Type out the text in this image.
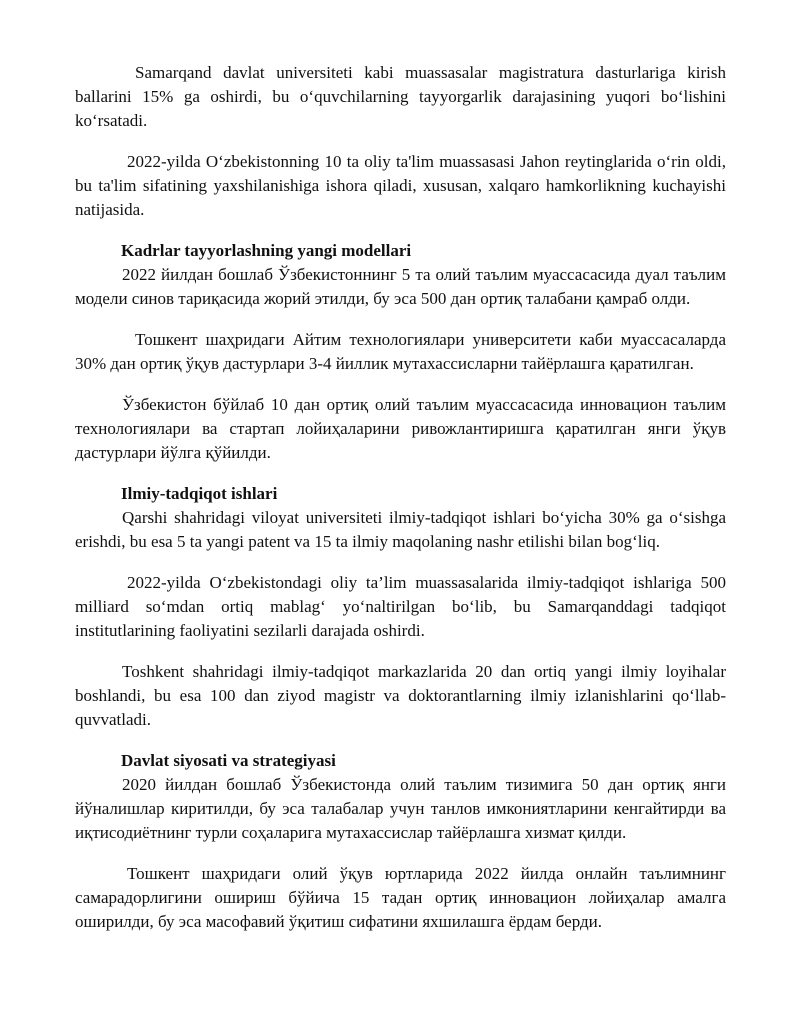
Samarqand davlat universiteti kabi muassasalar magistratura dasturlariga kirish ballarini 15% ga oshirdi, bu o‘quvchilarning tayyorgarlik darajasining yuqori bo‘lishini ko‘rsatadi.

2022-yilda O‘zbekistonning 10 ta oliy ta'lim muassasasi Jahon reytinglarida o‘rin oldi, bu ta'lim sifatining yaxshilanishiga ishora qiladi, xususan, xalqaro hamkorlikning kuchayishi natijasida.

Kadrlar tayyorlashning yangi modellari

2022 йилдан бошлаб Ўзбекистоннинг 5 та олий таълим муассасасида дуал таълим модели синов тариқасида жорий этилди, бу эса 500 дан ортиқ талабани қамраб олди.

Тошкент шаҳридаги Айтим технологиялари университети каби муассасаларда 30% дан ортиқ ўқув дастурлари 3-4 йиллик мутахассисларни тайёрлашга қаратилган.

Ўзбекистон бўйлаб 10 дан ортиқ олий таълим муассасасида инновацион таълим технологиялари ва стартап лойиҳаларини ривожлантиришга қаратилган янги ўқув дастурлари йўлга қўйилди.

Ilmiy-tadqiqot ishlari

Qarshi shahridagi viloyat universiteti ilmiy-tadqiqot ishlari bo‘yicha 30% ga o‘sishga erishdi, bu esa 5 ta yangi patent va 15 ta ilmiy maqolaning nashr etilishi bilan bog‘liq.

2022-yilda O‘zbekistondagi oliy ta’lim muassasalarida ilmiy-tadqiqot ishlariga 500 milliard so‘mdan ortiq mablag‘ yo‘naltirilgan bo‘lib, bu Samarqanddagi tadqiqot institutlarining faoliyatini sezilarli darajada oshirdi.

Toshkent shahridagi ilmiy-tadqiqot markazlarida 20 dan ortiq yangi ilmiy loyihalar boshlandi, bu esa 100 dan ziyod magistr va doktorantlarning ilmiy izlanishlarini qo‘llab-quvvatladi.

Davlat siyosati va strategiyasi

2020 йилдан бошлаб Ўзбекистонда олий таълим тизимига 50 дан ортиқ янги йўналишлар киритилди, бу эса талабалар учун танлов имкониятларини кенгайтирди ва иқтисодиётнинг турли соҳаларига мутахассислар тайёрлашга хизмат қилди.

Тошкент шаҳридаги олий ўқув юртларида 2022 йилда онлайн таълимнинг самарадорлигини ошириш бўйича 15 тадан ортиқ инновацион лойиҳалар амалга оширилди, бу эса масофавий ўқитиш сифатини яхшилашга ёрдам берди.
